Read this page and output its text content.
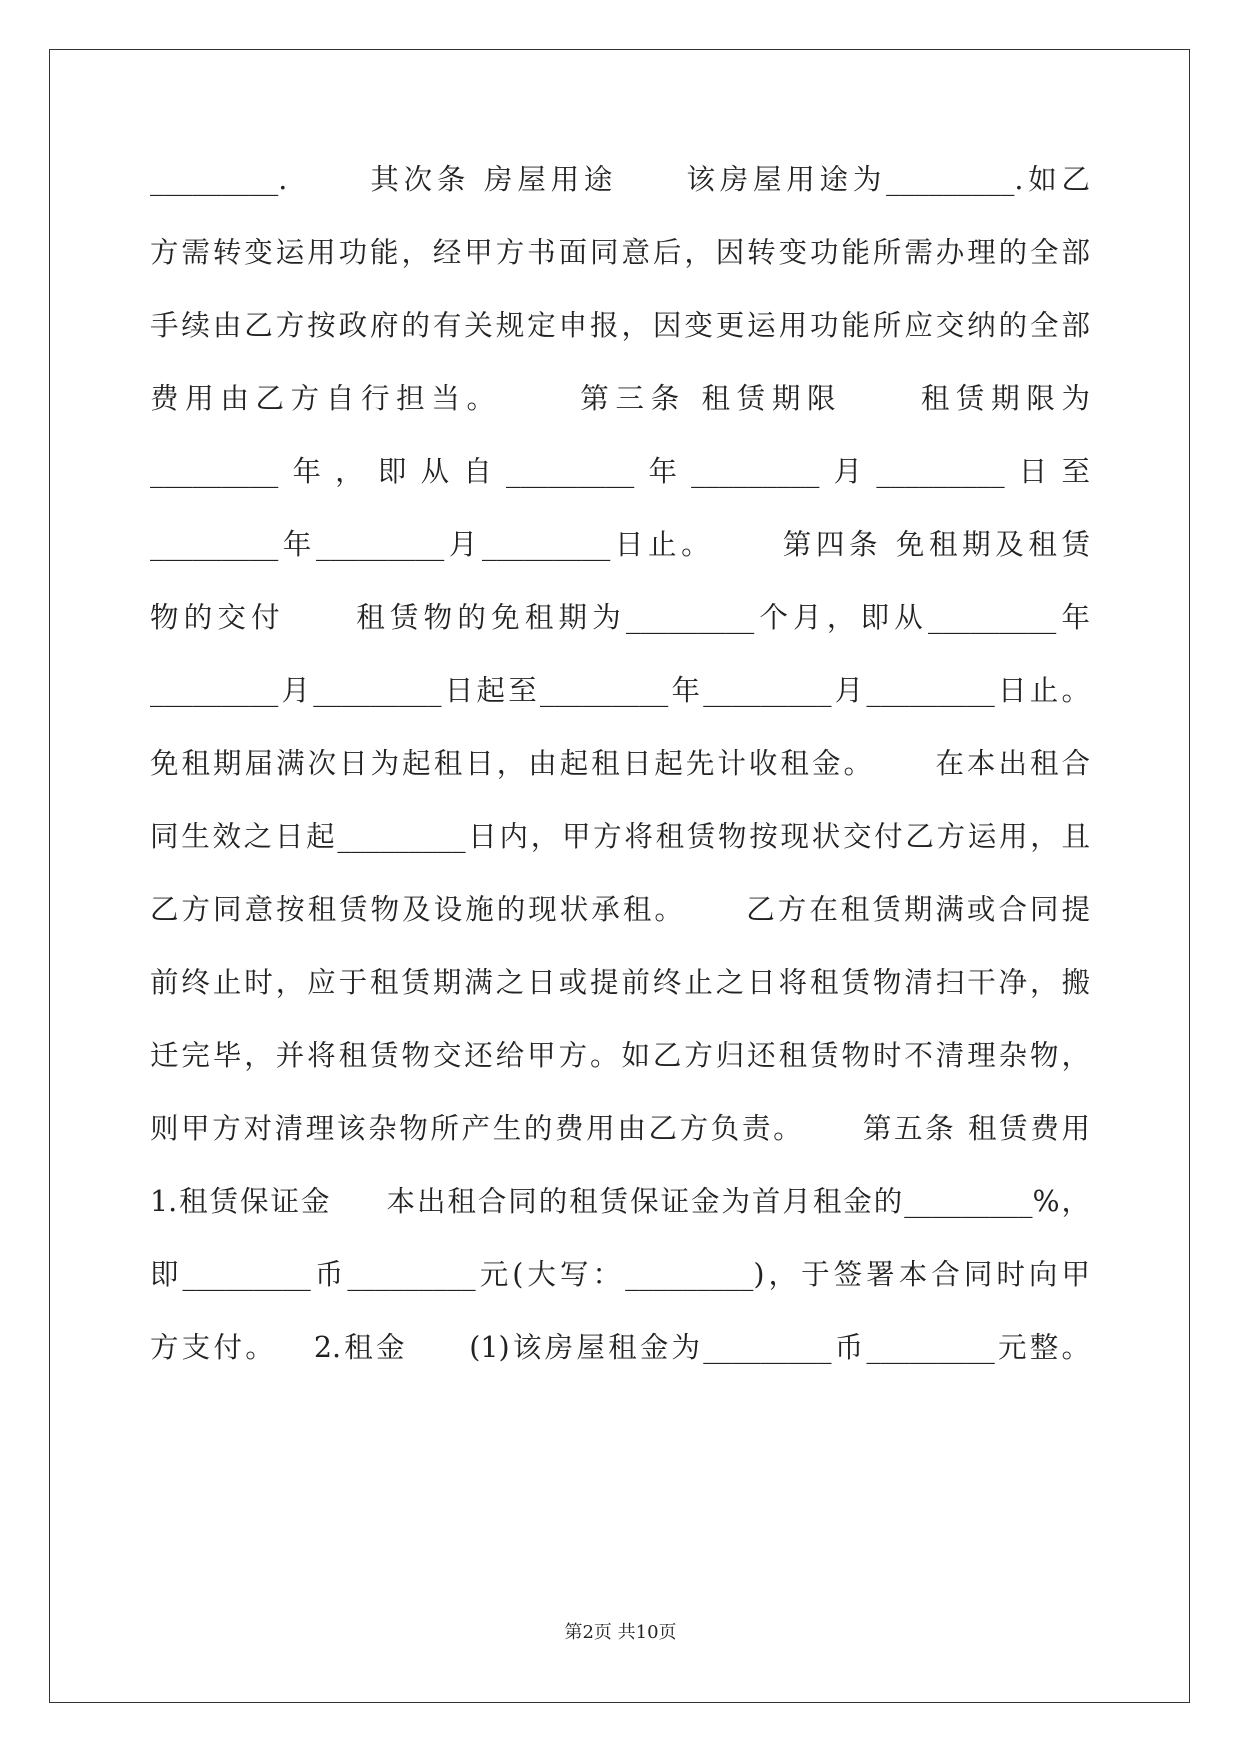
_________.      其次条 房屋用途     该房屋用途为_________.如乙
方需转变运用功能，经甲方书面同意后，因转变功能所需办理的全部
手续由乙方按政府的有关规定申报，因变更运用功能所应交纳的全部
费用由乙方自行担当。     第三条 租赁期限     租赁期限为
_________年，即从自_________年_________月_________日至
_________年_________月_________日止。     第四条 免租期及租赁
物的交付     租赁物的免租期为_________个月，即从_________年
_________月_________日起至_________年_________月_________日止。
免租期届满次日为起租日，由起租日起先计收租金。     在本出租合
同生效之日起_________日内，甲方将租赁物按现状交付乙方运用，且
乙方同意按租赁物及设施的现状承租。     乙方在租赁期满或合同提
前终止时，应于租赁期满之日或提前终止之日将租赁物清扫干净，搬
迁完毕，并将租赁物交还给甲方。如乙方归还租赁物时不清理杂物，
则甲方对清理该杂物所产生的费用由乙方负责。     第五条 租赁费用
1.租赁保证金     本出租合同的租赁保证金为首月租金的_________%，
即_________币_________元(大写：_________)，于签署本合同时向甲
方支付。   2.租金     (1)该房屋租金为_________币_________元整。
第2页 共10页
